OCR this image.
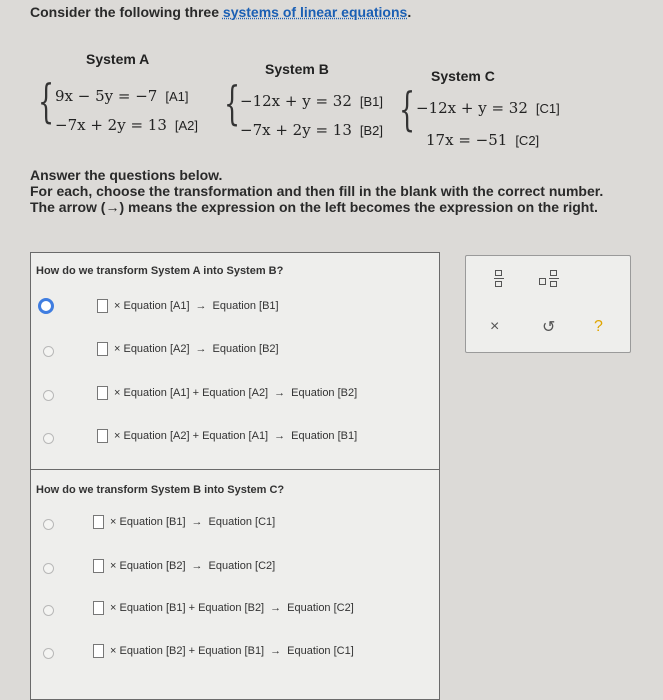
Consider the following three systems of linear equations.
System A
System B	System C
{ 9x − 5y = −7 [A1]
−7x + 2y = 13 [A2] { −12x + y = 32 [B1]
−7x + 2y = 13 [B2] { −12x + y = 32 [C1]
17x = −51 [C2]
Answer the questions below.
For each, choose the transformation and then fill in the blank with the correct number.
The arrow (→) means the expression on the left becomes the expression on the right.
How do we transform System A into System B?
× Equation [A1] → Equation [B1]
× Equation [A2] → Equation [B2]
× Equation [A1] + Equation [A2] → Equation [B2]
× Equation [A2] + Equation [A1] → Equation [B1]
How do we transform System B into System C?
× Equation [B1] → Equation [C1]
× Equation [B2] → Equation [C2]
× Equation [B1] + Equation [B2] → Equation [C2]
× Equation [B2] + Equation [B1] → Equation [C1]
×	↺ ?
